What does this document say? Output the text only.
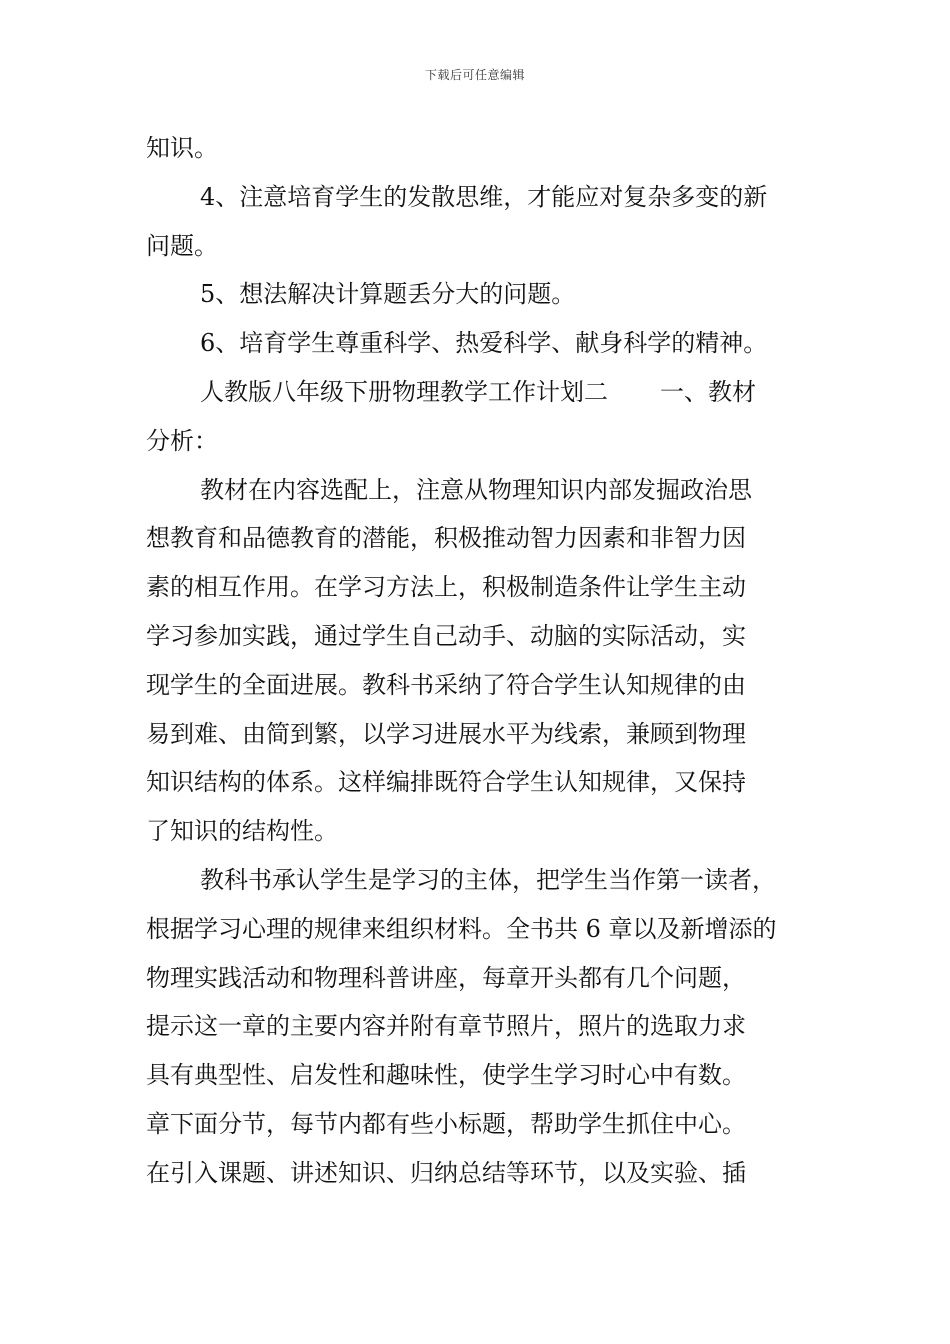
下载后可任意编辑
知识。
4、注意培育学生的发散思维，才能应对复杂多变的新
问题。
5、想法解决计算题丢分大的问题。
6、培育学生尊重科学、热爱科学、献身科学的精神。
人教版八年级下册物理教学工作计划二 一、教材
分析：
教材在内容选配上，注意从物理知识内部发掘政治思
想教育和品德教育的潜能，积极推动智力因素和非智力因
素的相互作用。在学习方法上，积极制造条件让学生主动
学习参加实践，通过学生自己动手、动脑的实际活动，实
现学生的全面进展。教科书采纳了符合学生认知规律的由
易到难、由简到繁，以学习进展水平为线索，兼顾到物理
知识结构的体系。这样编排既符合学生认知规律，又保持
了知识的结构性。
教科书承认学生是学习的主体，把学生当作第一读者，
根据学习心理的规律来组织材料。全书共 6 章以及新增添的
物理实践活动和物理科普讲座，每章开头都有几个问题，
提示这一章的主要内容并附有章节照片，照片的选取力求
具有典型性、启发性和趣味性，使学生学习时心中有数。
章下面分节，每节内都有些小标题，帮助学生抓住中心。
在引入课题、讲述知识、归纳总结等环节，以及实验、插
